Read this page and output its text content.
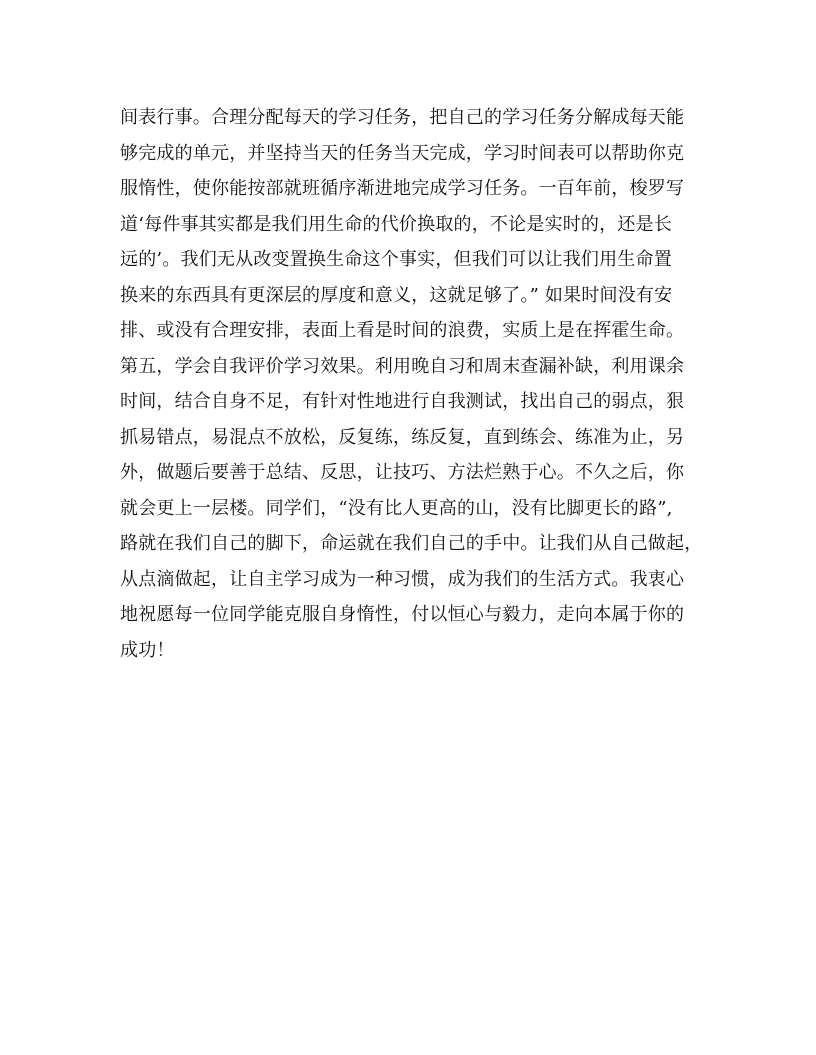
间表行事。合理分配每天的学习任务，把自己的学习任务分解成每天能
够完成的单元，并坚持当天的任务当天完成，学习时间表可以帮助你克
服惰性，使你能按部就班循序渐进地完成学习任务。一百年前，梭罗写
道‘每件事其实都是我们用生命的代价换取的，不论是实时的，还是长
远的’。我们无从改变置换生命这个事实，但我们可以让我们用生命置
换来的东西具有更深层的厚度和意义，这就足够了。” 如果时间没有安
排、或没有合理安排，表面上看是时间的浪费，实质上是在挥霍生命。
第五，学会自我评价学习效果。利用晚自习和周末查漏补缺，利用课余
时间，结合自身不足，有针对性地进行自我测试，找出自己的弱点，狠
抓易错点，易混点不放松，反复练，练反复，直到练会、练准为止，另
外，做题后要善于总结、反思，让技巧、方法烂熟于心。不久之后，你
就会更上一层楼。同学们，“没有比人更高的山，没有比脚更长的路”,
路就在我们自己的脚下，命运就在我们自己的手中。让我们从自己做起，
从点滴做起，让自主学习成为一种习惯，成为我们的生活方式。我衷心
地祝愿每一位同学能克服自身惰性，付以恒心与毅力，走向本属于你的
成功！
